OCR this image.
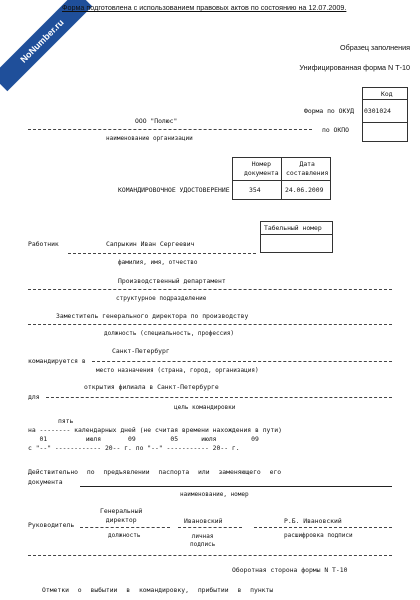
NoNumber.ru
Форма подготовлена с использованием правовых актов по состоянию на 12.07.2009.
Образец заполнения
Унифицированная форма N Т-10
Код
0301024
Форма по ОКУД
по ОКПО
ООО "Полюс"
наименование организации
Номер
документа
Дата
составления
КОМАНДИРОВОЧНОЕ УДОСТОВЕРЕНИЕ	354	24.06.2009
Табельный номер
Работник	Сапрыкин Иван Сергеевич
фамилия, имя, отчество
Производственный департамент
структурное подразделение
Заместитель генерального директора по производству
должность (специальность, профессия)
Санкт-Петербург
командируется в
место назначения (страна, город, организация)
открытия филиала в Санкт-Петербурге
для
цель командировки
пять
на -------- календарных дней (не считая времени нахождения в пути)
01          июля       09         05      июля         09
с "--" ------------ 20-- г. по "--" ----------- 20-- г.
Действительно по предъявлении паспорта или заменяющего его
документа
наименование, номер
Генеральный
директор
Руководитель	Ивановский	Р.Б. Ивановский
должность	личная
подпись
расшифровка подписи
Оборотная сторона формы N Т-10
Отметки о выбытии в командировку, прибытии в пункты
